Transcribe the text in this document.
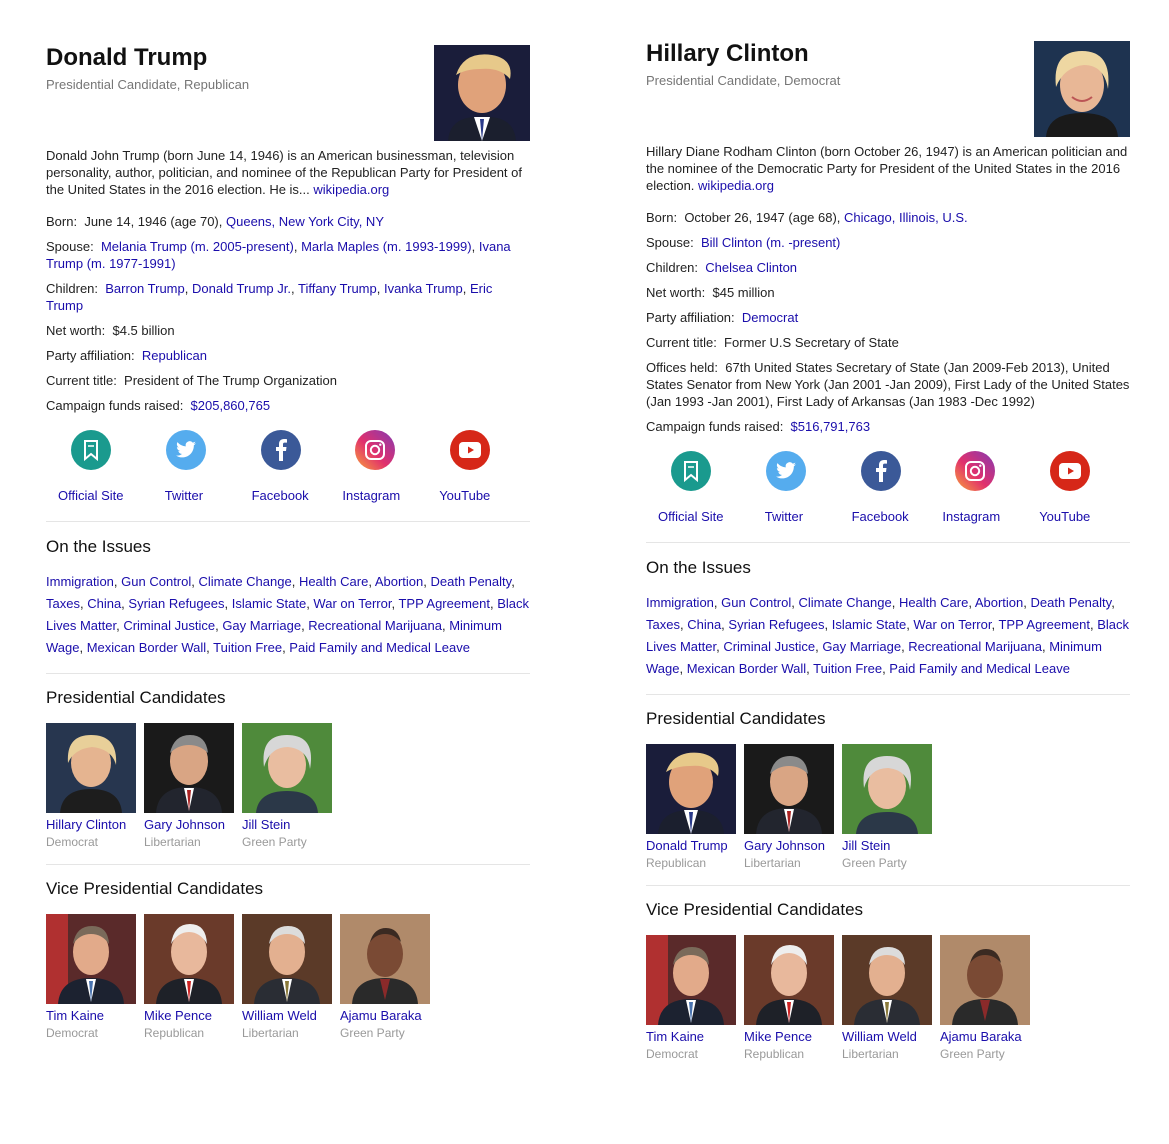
Donald Trump
Presidential Candidate, Republican
Donald John Trump (born June 14, 1946) is an American businessman, television personality, author, politician, and nominee of the Republican Party for President of the United States in the 2016 election. He is... wikipedia.org
Born: June 14, 1946 (age 70), Queens, New York City, NY
Spouse: Melania Trump (m. 2005-present), Marla Maples (m. 1993-1999), Ivana Trump (m. 1977-1991)
Children: Barron Trump, Donald Trump Jr., Tiffany Trump, Ivanka Trump, Eric Trump
Net worth: $4.5 billion
Party affiliation: Republican
Current title: President of The Trump Organization
Campaign funds raised: $205,860,765
Official Site	Twitter	Facebook	Instagram	YouTube
On the Issues
Immigration, Gun Control, Climate Change, Health Care, Abortion, Death Penalty, Taxes, China, Syrian Refugees, Islamic State, War on Terror, TPP Agreement, Black Lives Matter, Criminal Justice, Gay Marriage, Recreational Marijuana, Minimum Wage, Mexican Border Wall, Tuition Free, Paid Family and Medical Leave
Presidential Candidates
Hillary Clinton
Democrat
Gary Johnson
Libertarian
Jill Stein
Green Party
Vice Presidential Candidates
Tim Kaine
Democrat
Mike Pence
Republican
William Weld
Libertarian
Ajamu Baraka
Green Party
Hillary Clinton
Presidential Candidate, Democrat
Hillary Diane Rodham Clinton (born October 26, 1947) is an American politician and the nominee of the Democratic Party for President of the United States in the 2016 election. wikipedia.org
Born: October 26, 1947 (age 68), Chicago, Illinois, U.S.
Spouse: Bill Clinton (m. -present)
Children: Chelsea Clinton
Net worth: $45 million
Party affiliation: Democrat
Current title: Former U.S Secretary of State
Offices held: 67th United States Secretary of State (Jan 2009-Feb 2013), United States Senator from New York (Jan 2001 -Jan 2009), First Lady of the United States (Jan 1993 -Jan 2001), First Lady of Arkansas (Jan 1983 -Dec 1992)
Campaign funds raised: $516,791,763
Official Site	Twitter	Facebook	Instagram	YouTube
On the Issues
Immigration, Gun Control, Climate Change, Health Care, Abortion, Death Penalty, Taxes, China, Syrian Refugees, Islamic State, War on Terror, TPP Agreement, Black Lives Matter, Criminal Justice, Gay Marriage, Recreational Marijuana, Minimum Wage, Mexican Border Wall, Tuition Free, Paid Family and Medical Leave
Presidential Candidates
Donald Trump
Republican
Gary Johnson
Libertarian
Jill Stein
Green Party
Vice Presidential Candidates
Tim Kaine
Democrat
Mike Pence
Republican
William Weld
Libertarian
Ajamu Baraka
Green Party
